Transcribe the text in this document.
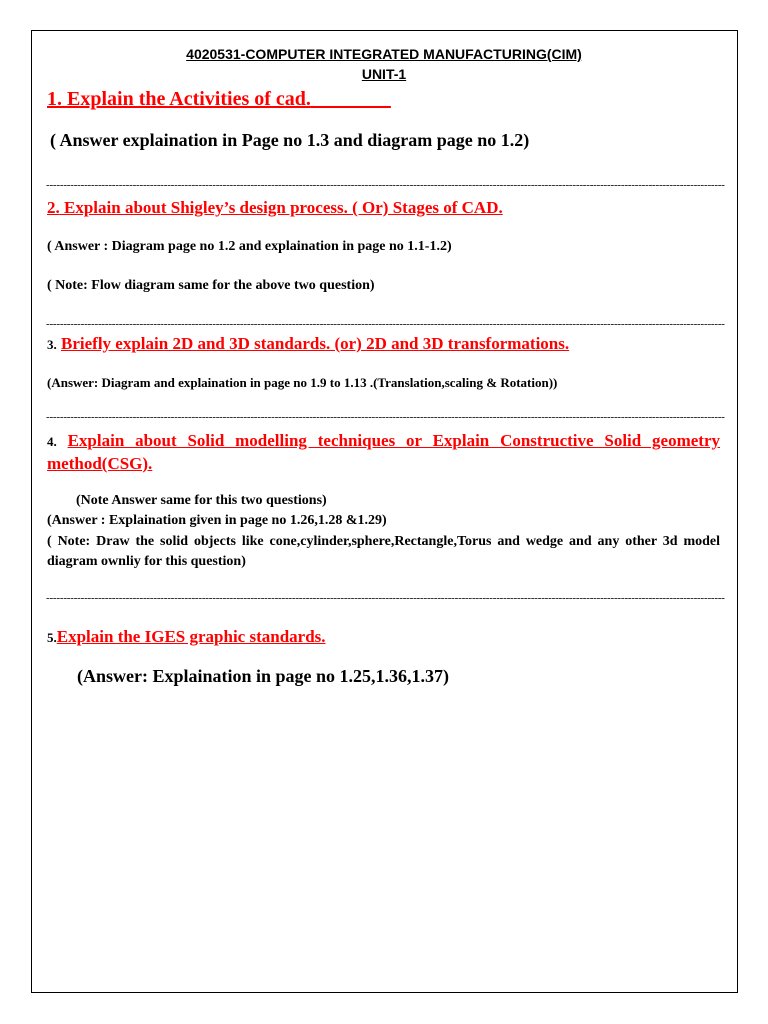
4020531-COMPUTER INTEGRATED MANUFACTURING(CIM)
UNIT-1
1. Explain the Activities of cad.
( Answer explaination in Page no 1.3 and diagram page no 1.2)
----------------------------------------------------------------------------------------------------------------------------------------------------------------------------------------------------
2. Explain about Shigley’s design process. ( Or) Stages of CAD.
( Answer : Diagram page no 1.2 and explaination in page no 1.1-1.2)
( Note: Flow diagram same for the above two question)
----------------------------------------------------------------------------------------------------------------------------------------------------------------------------------------------------
3. Briefly explain 2D and 3D standards. (or) 2D and 3D transformations.
(Answer: Diagram and explaination in page no 1.9 to 1.13 .(Translation,scaling & Rotation))
----------------------------------------------------------------------------------------------------------------------------------------------------------------------------------------------------
4. Explain about Solid modelling techniques or Explain Constructive Solid geometry method(CSG).
(Note Answer same for this two questions)
(Answer : Explaination given in page no 1.26,1.28 &1.29)
( Note: Draw the solid objects like cone,cylinder,sphere,Rectangle,Torus and wedge and any other 3d model diagram ownliy for this question)
----------------------------------------------------------------------------------------------------------------------------------------------------------------------------------------------------
5.Explain the IGES graphic standards.
(Answer: Explaination in page no 1.25,1.36,1.37)
